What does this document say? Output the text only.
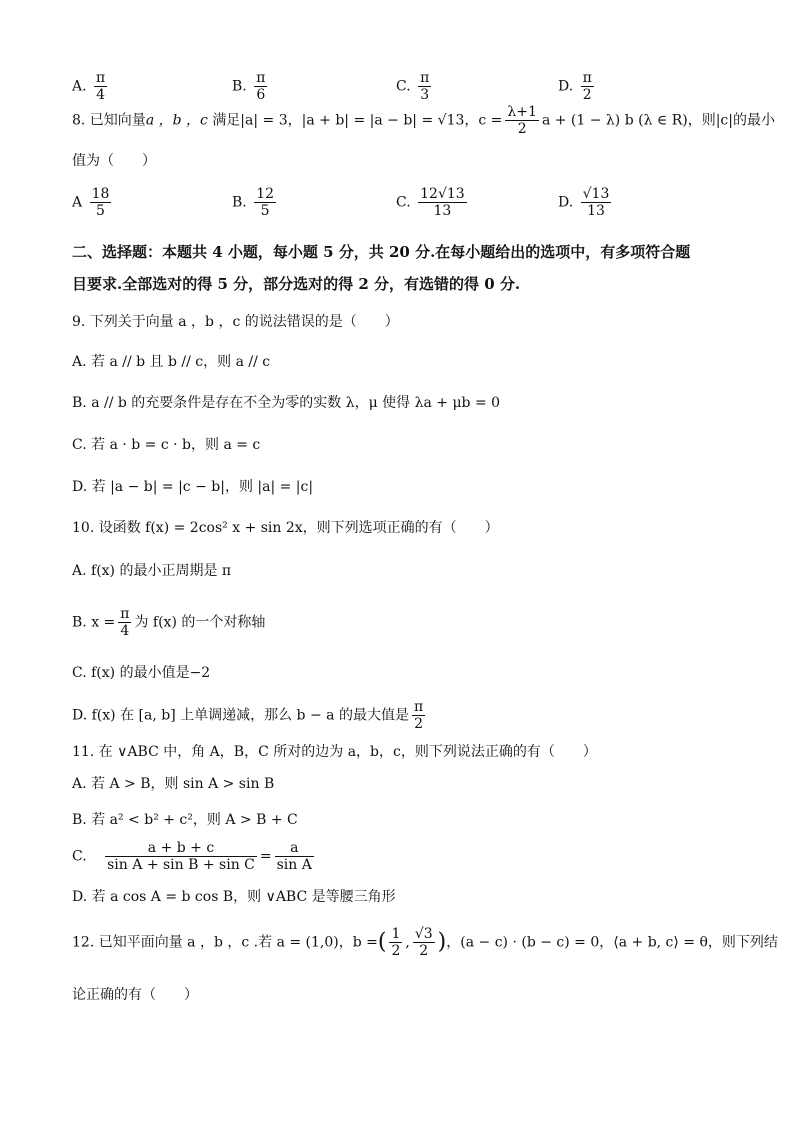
A. $\frac{\pi}{4}$	B. $\frac{\pi}{6}$	C. $\frac{\pi}{3}$	D. $\frac{\pi}{2}$
8. 已知向量a ，b ，c 满足|a| = 3，|a + b| = |a − b| = √13，$c = \frac{\lambda+1}{2}$ a + (1 − λ) b (λ ∈ R)，则|c|的最小
值为（　　）
A $\frac{18}{5}$	B. $\frac{12}{5}$	C. $\frac{12√13}{13}$	D. $\frac{√13}{13}$
二、选择题：本题共 4 小题，每小题 5 分，共 20 分.在每小题给出的选项中，有多项符合题
目要求.全部选对的得 5 分，部分选对的得 2 分，有选错的得 0 分.
9. 下列关于向量 a ，b ，c 的说法错误的是（　　）
A. 若 a // b 且 b // c，则 a // c
B. a // b 的充要条件是存在不全为零的实数 λ，μ 使得 λa + μb = 0
C. 若 a · b = c · b，则 a = c
D. 若 |a − b| = |c − b|，则 |a| = |c|
10. 设函数 f(x) = 2cos² x + sin 2x，则下列选项正确的有（　　）
A. f(x) 的最小正周期是 π
B. $x = \frac{\pi}{4}$ 为 f(x) 的一个对称轴
C. f(x) 的最小值是−2
D. f(x) 在 [a, b] 上单调递减，那么 b − a 的最大值是 $\frac{\pi}{2}$
11. 在 ∨ABC 中，角 A，B，C 所对的边为 a，b，c，则下列说法正确的有（　　）
A. 若 A > B，则 sin A > sin B
B. 若 a² < b² + c²，则 A > B + C
C. $\frac{a + b + c}{\text{sin A + sin B + sin C}} = \frac{a}{\text{sin A}}$
D. 若 a cos A = b cos B，则 ∨ABC 是等腰三角形
12. 已知平面向量 a ，b ，c .若 a = (1,0)，b =( $\frac{1}{2}$ , $\frac{√3}{2}$ )，(a − c) · (b − c) = 0，⟨a + b, c⟩ = θ，则下列结
论正确的有（　　）
